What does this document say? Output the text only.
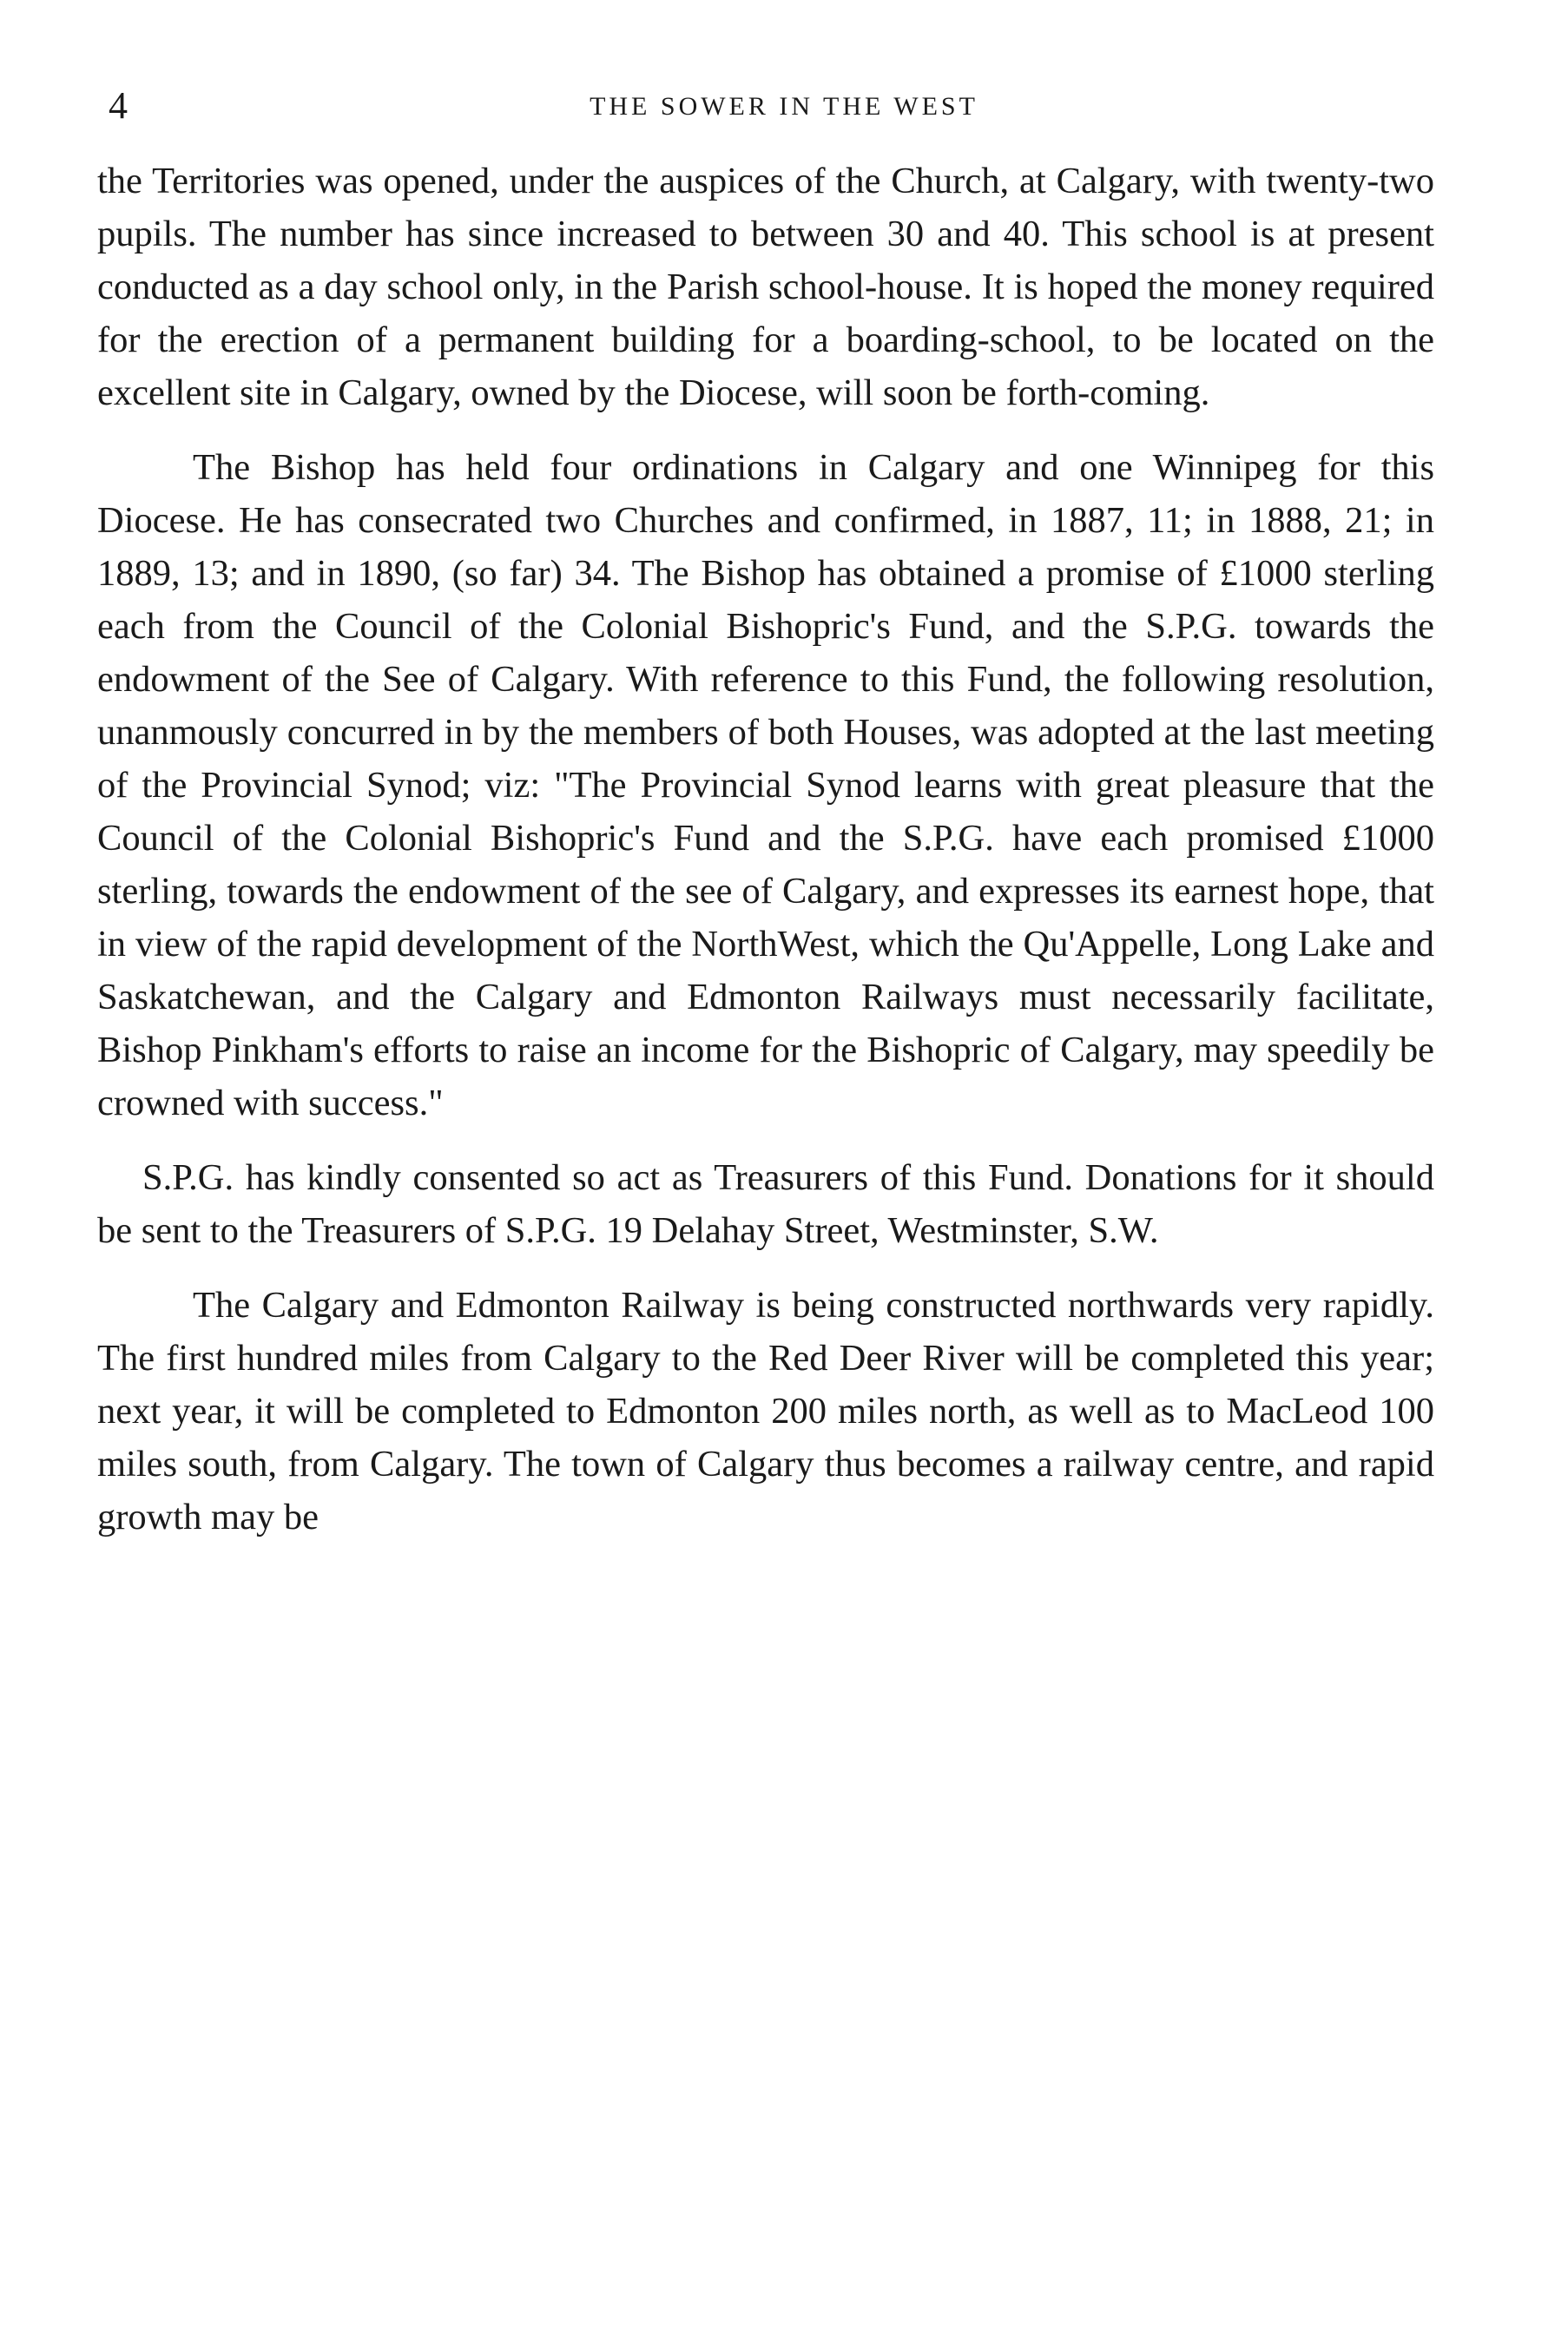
4	THE SOWER IN THE WEST

the Territories was opened, under the auspices of the Church, at Calgary, with twenty-two pupils. The number has since increased to between 30 and 40. This school is at present conducted as a day school only, in the Parish school-house. It is hoped the money required for the erection of a permanent building for a boarding-school, to be located on the excellent site in Calgary, owned by the Diocese, will soon be forth-coming.

The Bishop has held four ordinations in Calgary and one Winnipeg for this Diocese. He has consecrated two Churches and confirmed, in 1887, 11; in 1888, 21; in 1889, 13; and in 1890, (so far) 34. The Bishop has obtained a promise of £1000 sterling each from the Council of the Colonial Bishopric's Fund, and the S.P.G. towards the endowment of the See of Calgary. With reference to this Fund, the following resolution, unanmously concurred in by the members of both Houses, was adopted at the last meeting of the Provincial Synod; viz: "The Provincial Synod learns with great pleasure that the Council of the Colonial Bishopric's Fund and the S.P.G. have each promised £1000 sterling, towards the endowment of the see of Calgary, and expresses its earnest hope, that in view of the rapid development of the NorthWest, which the Qu'Appelle, Long Lake and Saskatchewan, and the Calgary and Edmonton Railways must necessarily facilitate, Bishop Pinkham's efforts to raise an income for the Bishopric of Calgary, may speedily be crowned with success."

S.P.G. has kindly consented so act as Treasurers of this Fund. Donations for it should be sent to the Treasurers of S.P.G. 19 Delahay Street, Westminster, S.W.

The Calgary and Edmonton Railway is being constructed northwards very rapidly. The first hundred miles from Calgary to the Red Deer River will be completed this year; next year, it will be completed to Edmonton 200 miles north, as well as to MacLeod 100 miles south, from Calgary. The town of Calgary thus becomes a railway centre, and rapid growth may be
